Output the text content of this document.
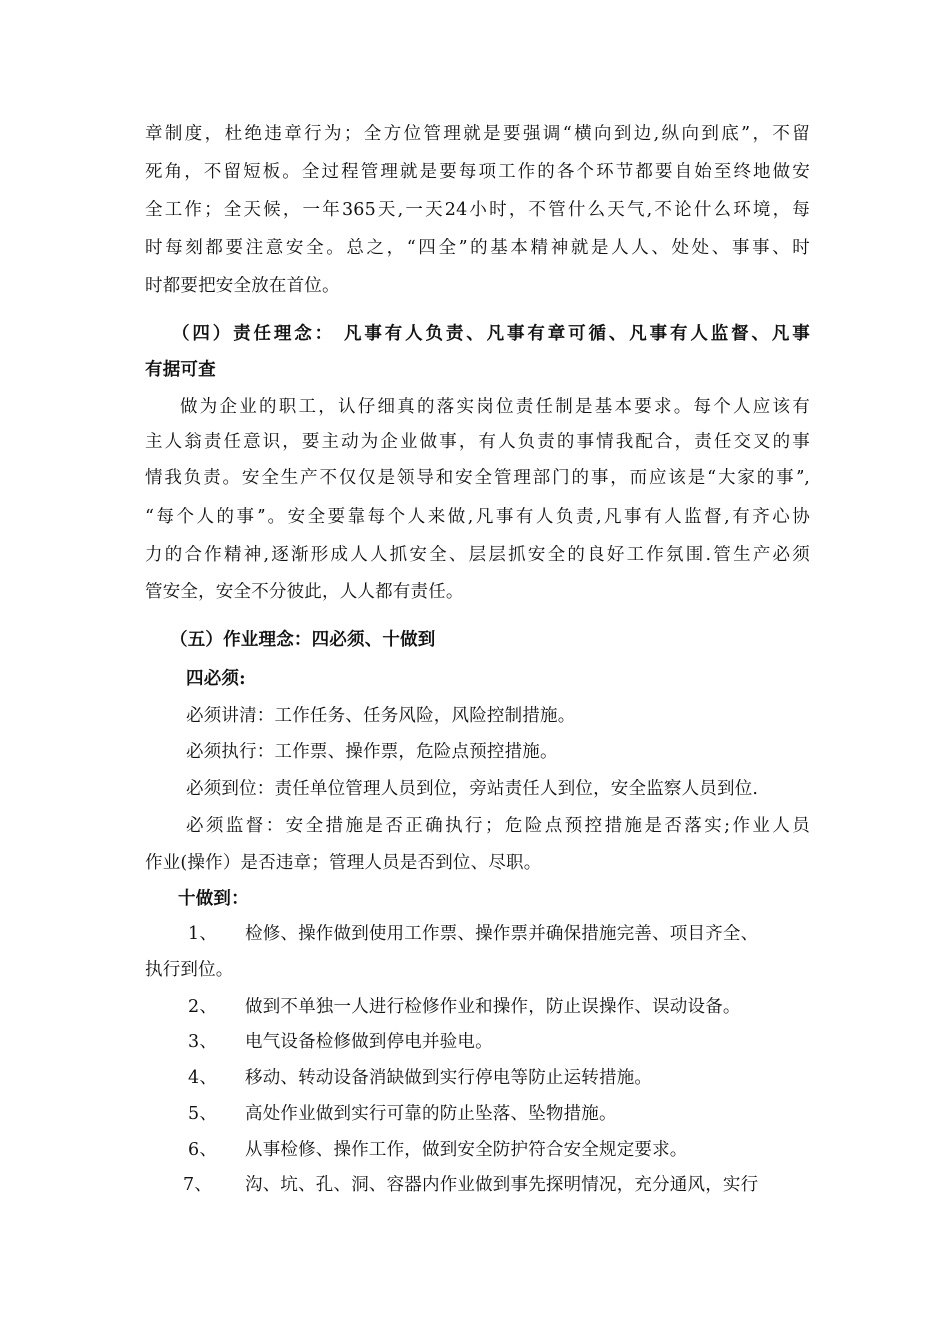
章制度，杜绝违章行为；全方位管理就是要强调“横向到边,纵向到底”，不留
死角，不留短板。全过程管理就是要每项工作的各个环节都要自始至终地做安
全工作；全天候，一年365天,一天24小时，不管什么天气,不论什么环境，每
时每刻都要注意安全。总之，“四全”的基本精神就是人人、处处、事事、时
时都要把安全放在首位。
（四）责任理念： 凡事有人负责、凡事有章可循、凡事有人监督、凡事
有据可查
做为企业的职工，认仔细真的落实岗位责任制是基本要求。每个人应该有
主人翁责任意识，要主动为企业做事，有人负责的事情我配合，责任交叉的事
情我负责。安全生产不仅仅是领导和安全管理部门的事，而应该是“大家的事ˮ,
“每个人的事ˮ。安全要靠每个人来做,凡事有人负责,凡事有人监督,有齐心协
力的合作精神,逐渐形成人人抓安全、层层抓安全的良好工作氛围.管生产必须
管安全，安全不分彼此，人人都有责任。
（五）作业理念：四必须、十做到
四必须:
必须讲清：工作任务、任务风险，风险控制措施。
必须执行：工作票、操作票，危险点预控措施。
必须到位：责任单位管理人员到位，旁站责任人到位，安全监察人员到位.
必须监督：安全措施是否正确执行；危险点预控措施是否落实;作业人员
作业(操作）是否违章；管理人员是否到位、尽职。
十做到：
1、	检修、操作做到使用工作票、操作票并确保措施完善、项目齐全、
执行到位。
2、	做到不单独一人进行检修作业和操作，防止误操作、误动设备。
3、	电气设备检修做到停电并验电。
4、	移动、转动设备消缺做到实行停电等防止运转措施。
5、	高处作业做到实行可靠的防止坠落、坠物措施。
6、	从事检修、操作工作，做到安全防护符合安全规定要求。
7、	沟、坑、孔、洞、容器内作业做到事先探明情况，充分通风，实行
